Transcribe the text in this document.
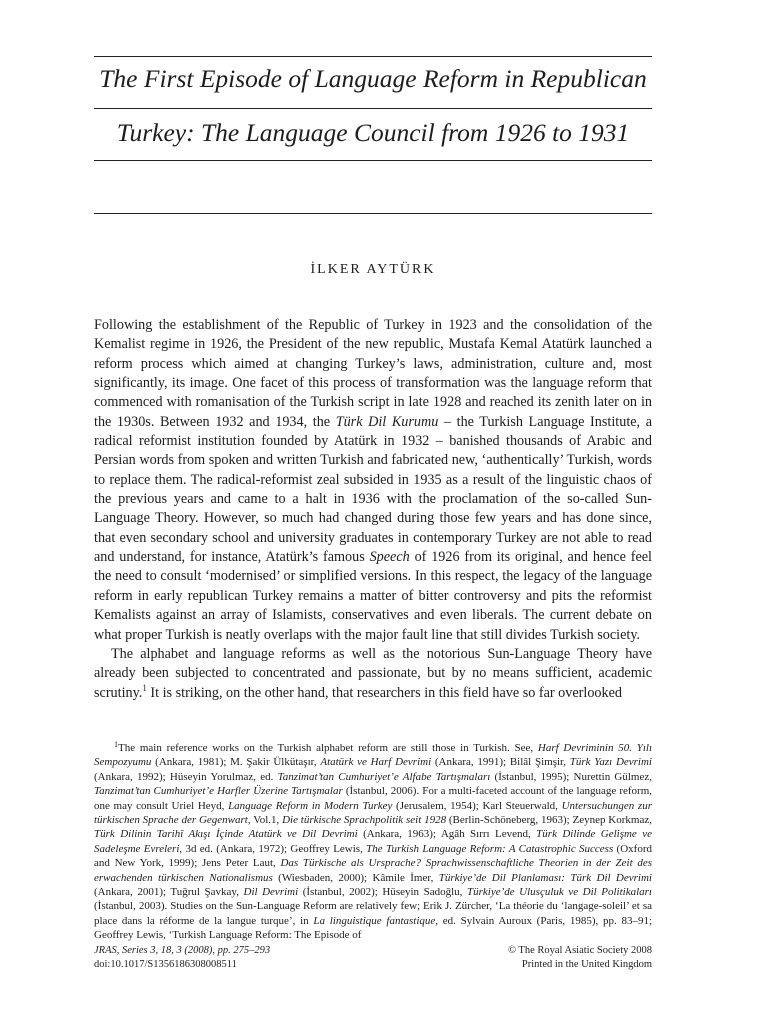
The First Episode of Language Reform in Republican
Turkey: The Language Council from 1926 to 1931
İLKER AYTÜRK

Following the establishment of the Republic of Turkey in 1923 and the consolidation of the Kemalist regime in 1926, the President of the new republic, Mustafa Kemal Atatürk launched a reform process which aimed at changing Turkey’s laws, administration, culture and, most significantly, its image. One facet of this process of transformation was the language reform that commenced with romanisation of the Turkish script in late 1928 and reached its zenith later on in the 1930s. Between 1932 and 1934, the Türk Dil Kurumu – the Turkish Language Institute, a radical reformist institution founded by Atatürk in 1932 – banished thousands of Arabic and Persian words from spoken and written Turkish and fabricated new, ‘authentically’ Turkish, words to replace them. The radical-reformist zeal subsided in 1935 as a result of the linguistic chaos of the previous years and came to a halt in 1936 with the proclamation of the so-called Sun-Language Theory. However, so much had changed during those few years and has done since, that even secondary school and university graduates in contemporary Turkey are not able to read and understand, for instance, Atatürk’s famous Speech of 1926 from its original, and hence feel the need to consult ‘modernised’ or simplified versions. In this respect, the legacy of the language reform in early republican Turkey remains a matter of bitter controversy and pits the reformist Kemalists against an array of Islamists, conservatives and even liberals. The current debate on what proper Turkish is neatly overlaps with the major fault line that still divides Turkish society.

The alphabet and language reforms as well as the notorious Sun-Language Theory have already been subjected to concentrated and passionate, but by no means sufficient, academic scrutiny.$^1$ It is striking, on the other hand, that researchers in this field have so far overlooked

$^1$The main reference works on the Turkish alphabet reform are still those in Turkish. See, Harf Devriminin 50. Yılı Sempozyumu (Ankara, 1981); M. Şakir Ülkütaşır, Atatürk ve Harf Devrimi (Ankara, 1991); Bilâl Şimşir, Türk Yazı Devrimi (Ankara, 1992); Hüseyin Yorulmaz, ed. Tanzimat’tan Cumhuriyet’e Alfabe Tartışmaları (İstanbul, 1995); Nurettin Gülmez, Tanzimat’tan Cumhuriyet’e Harfler Üzerine Tartışmalar (İstanbul, 2006). For a multi-faceted account of the language reform, one may consult Uriel Heyd, Language Reform in Modern Turkey (Jerusalem, 1954); Karl Steuerwald, Untersuchungen zur türkischen Sprache der Gegenwart, Vol.1, Die türkische Sprachpolitik seit 1928 (Berlin-Schöneberg, 1963); Zeynep Korkmaz, Türk Dilinin Tarihî Akışı İçinde Atatürk ve Dil Devrimi (Ankara, 1963); Agâh Sırrı Levend, Türk Dilinde Gelişme ve Sadeleşme Evreleri, 3d ed. (Ankara, 1972); Geoffrey Lewis, The Turkish Language Reform: A Catastrophic Success (Oxford and New York, 1999); Jens Peter Laut, Das Türkische als Ursprache? Sprachwissenschaftliche Theorien in der Zeit des erwachenden türkischen Nationalismus (Wiesbaden, 2000); Kâmile İmer, Türkiye’de Dil Planlaması: Türk Dil Devrimi (Ankara, 2001); Tuğrul Şavkay, Dil Devrimi (İstanbul, 2002); Hüseyin Sadoğlu, Türkiye’de Ulusçuluk ve Dil Politikaları (İstanbul, 2003). Studies on the Sun-Language Reform are relatively few; Erik J. Zürcher, ‘La théorie du ‘langage-soleil’ et sa place dans la réforme de la langue turque’, in La linguistique fantastique, ed. Sylvain Auroux (Paris, 1985), pp. 83–91; Geoffrey Lewis, ‘Turkish Language Reform: The Episode of

JRAS, Series 3, 18, 3 (2008), pp. 275–293
doi:10.1017/S1356186308008511
© The Royal Asiatic Society 2008
Printed in the United Kingdom
